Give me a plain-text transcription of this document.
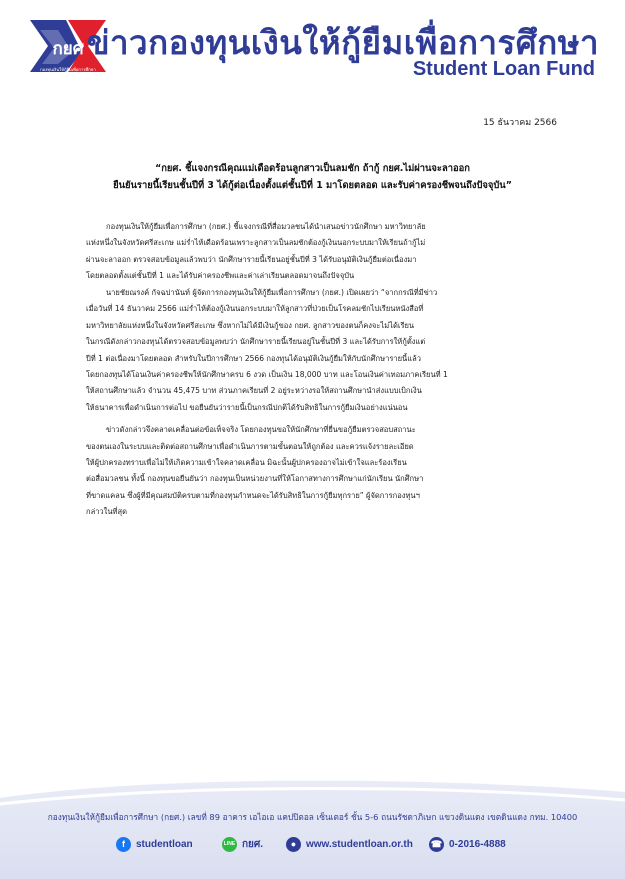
กยศ
กองทุนเงินให้กู้ยืมเพื่อการศึกษา
ข่าวกองทุนเงินให้กู้ยืมเพื่อการศึกษา
Student Loan Fund
15 ธันวาคม 2566
“กยศ. ชี้แจงกรณีคุณแม่เดือดร้อนลูกสาวเป็นลมชัก ถ้ากู้ กยศ.ไม่ผ่านจะลาออก
ยืนยันรายนี้เรียนชั้นปีที่ 3 ได้กู้ต่อเนื่องตั้งแต่ชั้นปีที่ 1 มาโดยตลอด และรับค่าครองชีพจนถึงปัจจุบัน”
กองทุนเงินให้กู้ยืมเพื่อการศึกษา (กยศ.) ชี้แจงกรณีที่สื่อมวลชนได้นำเสนอข่าวนักศึกษา มหาวิทยาลัย
แห่งหนึ่งในจังหวัดศรีสะเกษ แม่ร่ำไห้เดือดร้อนเพราะลูกสาวเป็นลมชักต้องกู้เงินนอกระบบมาให้เรียนถ้ากู้ไม่
ผ่านจะลาออก ตรวจสอบข้อมูลแล้วพบว่า นักศึกษารายนี้เรียนอยู่ชั้นปีที่ 3 ได้รับอนุมัติเงินกู้ยืมต่อเนื่องมา
โดยตลอดตั้งแต่ชั้นปีที่ 1 และได้รับค่าครองชีพและค่าเล่าเรียนตลอดมาจนถึงปัจจุบัน
นายชัยณรงค์ กัจฉปานันท์ ผู้จัดการกองทุนเงินให้กู้ยืมเพื่อการศึกษา (กยศ.) เปิดเผยว่า “จากกรณีที่มีข่าว
เมื่อวันที่ 14 ธันวาคม 2566 แม่ร่ำไห้ต้องกู้เงินนอกระบบมาให้ลูกสาวที่ป่วยเป็นโรคลมชักไปเรียนหนังสือที่
มหาวิทยาลัยแห่งหนึ่งในจังหวัดศรีสะเกษ ซึ่งหากไม่ได้มีเงินกู้ของ กยศ. ลูกสาวของตนก็คงจะไม่ได้เรียน
ในกรณีดังกล่าวกองทุนได้ตรวจสอบข้อมูลพบว่า นักศึกษารายนี้เรียนอยู่ในชั้นปีที่ 3 และได้รับการให้กู้ตั้งแต่
ปีที่ 1 ต่อเนื่องมาโดยตลอด สำหรับในปีการศึกษา 2566 กองทุนได้อนุมัติเงินกู้ยืมให้กับนักศึกษารายนี้แล้ว
โดยกองทุนได้โอนเงินค่าครองชีพให้นักศึกษาครบ 6 งวด เป็นเงิน 18,000 บาท และโอนเงินค่าเทอมภาคเรียนที่ 1
ให้สถานศึกษาแล้ว จำนวน 45,475 บาท ส่วนภาคเรียนที่ 2 อยู่ระหว่างรอให้สถานศึกษานำส่งแบบเบิกเงิน
ให้ธนาคารเพื่อดำเนินการต่อไป ขอยืนยันว่ารายนี้เป็นกรณีปกติได้รับสิทธิในการกู้ยืมเงินอย่างแน่นอน
ข่าวดังกล่าวจึงคลาดเคลื่อนต่อข้อเท็จจริง โดยกองทุนขอให้นักศึกษาที่ยื่นขอกู้ยืมตรวจสอบสถานะ
ของตนเองในระบบและติดต่อสถานศึกษาเพื่อดำเนินการตามขั้นตอนให้ถูกต้อง และควรแจ้งรายละเอียด
ให้ผู้ปกครองทราบเพื่อไม่ให้เกิดความเข้าใจคลาดเคลื่อน มิฉะนั้นผู้ปกครองอาจไม่เข้าใจและร้องเรียน
ต่อสื่อมวลชน ทั้งนี้ กองทุนขอยืนยันว่า กองทุนเป็นหน่วยงานที่ให้โอกาสทางการศึกษาแก่นักเรียน นักศึกษา
ที่ขาดแคลน ซึ่งผู้ที่มีคุณสมบัติครบตามที่กองทุนกำหนดจะได้รับสิทธิในการกู้ยืมทุกราย” ผู้จัดการกองทุนฯ
กล่าวในที่สุด
กองทุนเงินให้กู้ยืมเพื่อการศึกษา (กยศ.) เลขที่ 89 อาคาร เอไอเอ แคปปิตอล เซ็นเตอร์ ชั้น 5-6 ถนนรัชดาภิเษก แขวงดินแดง เขตดินแดง กทม. 10400
f	studentloan	LINE กยศ.	● www.studentloan.or.th ☎ 0-2016-4888
